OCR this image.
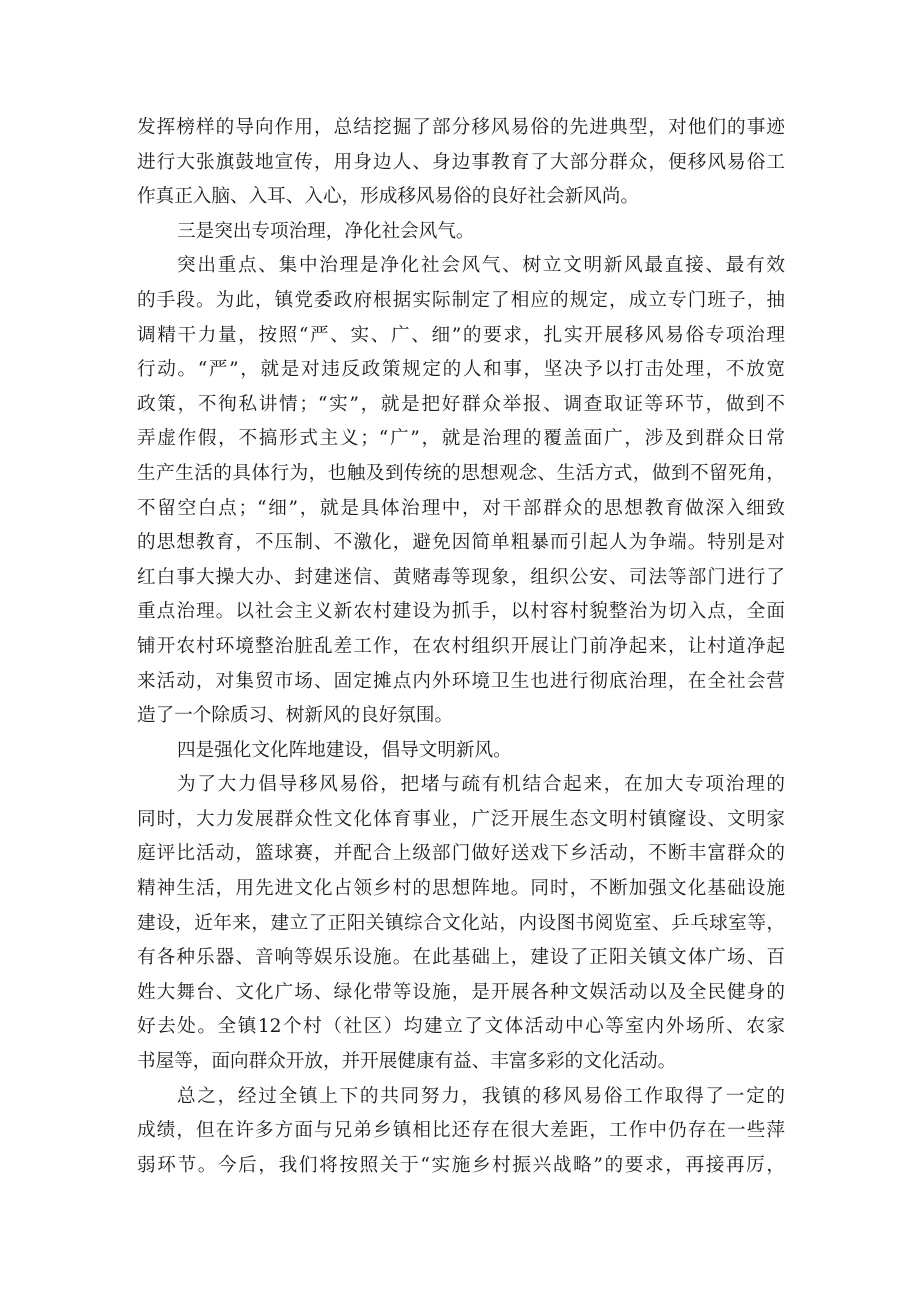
发挥榜样的导向作用，总结挖掘了部分移风易俗的先进典型，对他们的事迹
进行大张旗鼓地宣传，用身边人、身边事教育了大部分群众，便移风易俗工
作真正入脑、入耳、入心，形成移风易俗的良好社会新风尚。
三是突出专项治理，净化社会风气。
突出重点、集中治理是净化社会风气、树立文明新风最直接、最有效
的手段。为此，镇党委政府根据实际制定了相应的规定，成立专门班子，抽
调精干力量，按照“严、实、广、细”的要求，扎实开展移风易俗专项治理
行动。“严”，就是对违反政策规定的人和事，坚决予以打击处理，不放宽
政策，不徇私讲情；“实”，就是把好群众举报、调查取证等环节，做到不
弄虚作假，不搞形式主义；“广”，就是治理的覆盖面广，涉及到群众日常
生产生活的具体行为，也触及到传统的思想观念、生活方式，做到不留死角，
不留空白点；“细”，就是具体治理中，对干部群众的思想教育做深入细致
的思想教育，不压制、不激化，避免因简单粗暴而引起人为争端。特别是对
红白事大操大办、封建迷信、黄赌毒等现象，组织公安、司法等部门进行了
重点治理。以社会主义新农村建设为抓手，以村容村貌整治为切入点，全面
铺开农村环境整治脏乱差工作，在农村组织开展让门前净起来，让村道净起
来活动，对集贸市场、固定摊点内外环境卫生也进行彻底治理，在全社会营
造了一个除质习、树新风的良好氛围。
四是强化文化阵地建设，倡导文明新风。
为了大力倡导移风易俗，把堵与疏有机结合起来，在加大专项治理的
同时，大力发展群众性文化体育事业，广泛开展生态文明村镇窿设、文明家
庭评比活动，篮球赛，并配合上级部门做好送戏下乡活动，不断丰富群众的
精神生活，用先进文化占领乡村的思想阵地。同时，不断加强文化基础设施
建设，近年来，建立了正阳关镇综合文化站，内设图书阅览室、乒乓球室等，
有各种乐器、音响等娱乐设施。在此基础上，建设了正阳关镇文体广场、百
姓大舞台、文化广场、绿化带等设施，是开展各种文娱活动以及全民健身的
好去处。全镇12个村（社区）均建立了文体活动中心等室内外场所、农家
书屋等，面向群众开放，并开展健康有益、丰富多彩的文化活动。
总之，经过全镇上下的共同努力，我镇的移风易俗工作取得了一定的
成绩，但在许多方面与兄弟乡镇相比还存在很大差距，工作中仍存在一些萍
弱环节。今后，我们将按照关于“实施乡村振兴战略”的要求，再接再厉，
